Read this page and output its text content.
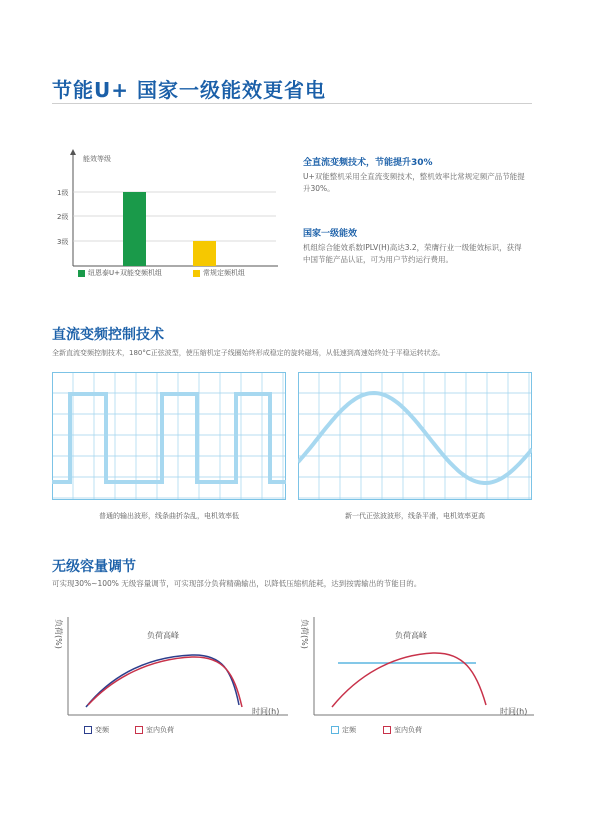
节能U+ 国家一级能效更省电
能效等级
1级
2级
3级
纽恩泰U+双能变频机组	常规定频机组
全直流变频技术，节能提升30%
U+双能整机采用全直流变频技术，整机效率比常规定频产品节能提
升30%。
国家一级能效
机组综合能效系数IPLV(H)高达3.2，荣膺行业一级能效标识，获得
中国节能产品认证，可为用户节约运行费用。
直流变频控制技术
全新直流变频控制技术，180°C正弦波型，使压缩机定子线圈始终形成稳定的旋转磁场，从低速到高速始终处于平稳运转状态。
普通的输出波形，线条曲折杂乱，电机效率低	新一代正弦波波形，线条平滑，电机效率更高
无级容量调节
可实现30%~100% 无级容量调节，可实现部分负荷精确输出，以降低压缩机能耗，达到按需输出的节能目的。
负荷(%)	负荷高峰
时间(h)
变频	室内负荷
负荷(%)	负荷高峰
时间(h)
定频	室内负荷
